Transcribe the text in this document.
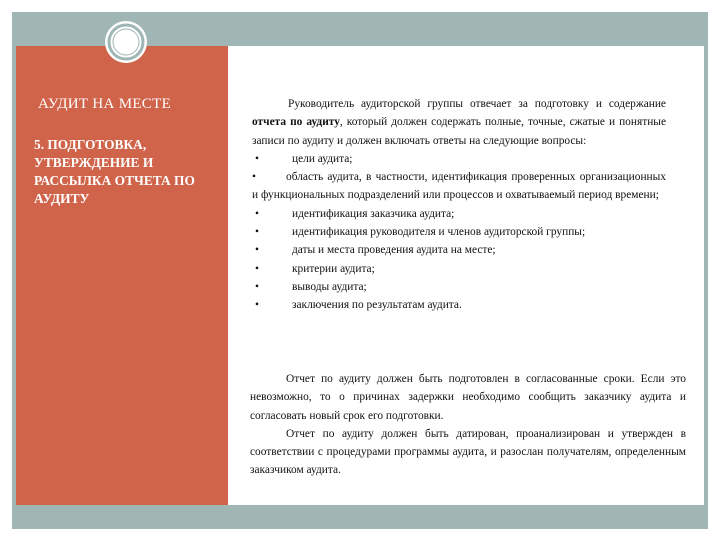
АУДИТ НА МЕСТЕ
5. ПОДГОТОВКА, УТВЕРЖДЕНИЕ И РАССЫЛКА ОТЧЕТА ПО АУДИТУ

Руководитель аудиторской группы отвечает за подготовку и содержание отчета по аудиту, который должен содержать полные, точные, сжатые и понятные записи по аудиту и должен включать ответы на следующие вопросы:

•	цели аудита;
•	область аудита, в частности, идентификация проверенных организационных и функциональных подразделений или процессов и охватываемый период времени;
•	идентификация заказчика аудита;
•	идентификация руководителя и членов аудиторской группы;
•	даты и места проведения аудита на месте;
•	критерии аудита;
•	выводы аудита;
•	заключения по результатам аудита.

Отчет по аудиту должен быть подготовлен в согласованные сроки. Если это невозможно, то о причинах задержки необходимо сообщить заказчику аудита и согласовать новый срок его подготовки.

Отчет по аудиту должен быть датирован, проанализирован и утвержден в соответствии с процедурами программы аудита, и разослан получателям, определенным заказчиком аудита.
